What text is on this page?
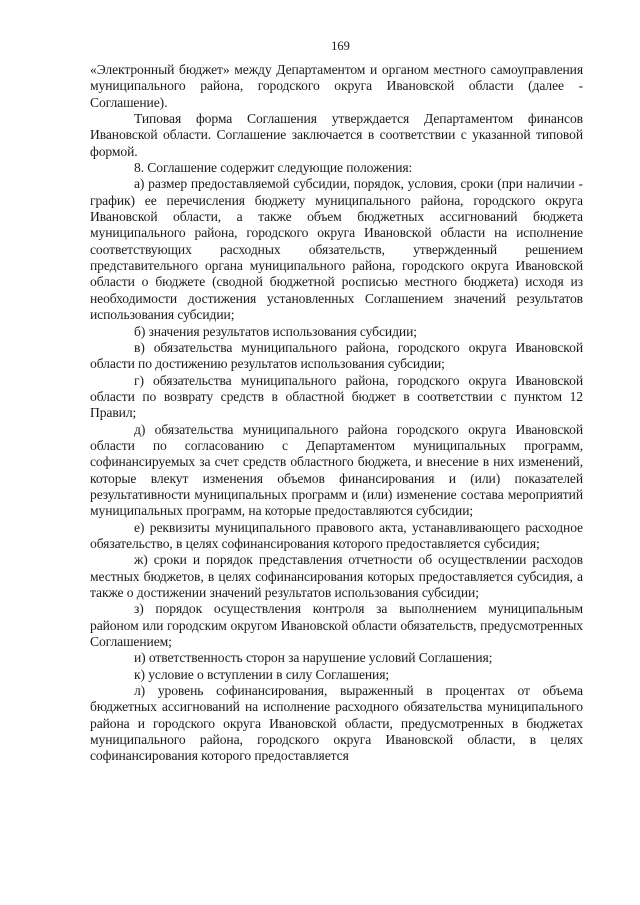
169

«Электронный бюджет» между Департаментом и органом местного самоуправления муниципального района, городского округа Ивановской области (далее - Соглашение).

Типовая форма Соглашения утверждается Департаментом финансов Ивановской области. Соглашение заключается в соответствии с указанной типовой формой.

8. Соглашение содержит следующие положения:

а) размер предоставляемой субсидии, порядок, условия, сроки (при наличии - график) ее перечисления бюджету муниципального района, городского округа Ивановской области, а также объем бюджетных ассигнований бюджета муниципального района, городского округа Ивановской области на исполнение соответствующих расходных обязательств, утвержденный решением представительного органа муниципального района, городского округа Ивановской области о бюджете (сводной бюджетной росписью местного бюджета) исходя из необходимости достижения установленных Соглашением значений результатов использования субсидии;

б) значения результатов использования субсидии;

в) обязательства муниципального района, городского округа Ивановской области по достижению результатов использования субсидии;

г) обязательства муниципального района, городского округа Ивановской области по возврату средств в областной бюджет в соответствии с пунктом 12 Правил;

д) обязательства муниципального района городского округа Ивановской области по согласованию с Департаментом муниципальных программ, софинансируемых за счет средств областного бюджета, и внесение в них изменений, которые влекут изменения объемов финансирования и (или) показателей результативности муниципальных программ и (или) изменение состава мероприятий муниципальных программ, на которые предоставляются субсидии;

е) реквизиты муниципального правового акта, устанавливающего расходное обязательство, в целях софинансирования которого предоставляется субсидия;

ж) сроки и порядок представления отчетности об осуществлении расходов местных бюджетов, в целях софинансирования которых предоставляется субсидия, а также о достижении значений результатов использования субсидии;

з) порядок осуществления контроля за выполнением муниципальным районом или городским округом Ивановской области обязательств, предусмотренных Соглашением;

и) ответственность сторон за нарушение условий Соглашения;

к) условие о вступлении в силу Соглашения;

л) уровень софинансирования, выраженный в процентах от объема бюджетных ассигнований на исполнение расходного обязательства муниципального района и городского округа Ивановской области, предусмотренных в бюджетах муниципального района, городского округа Ивановской области, в целях софинансирования которого предоставляется
